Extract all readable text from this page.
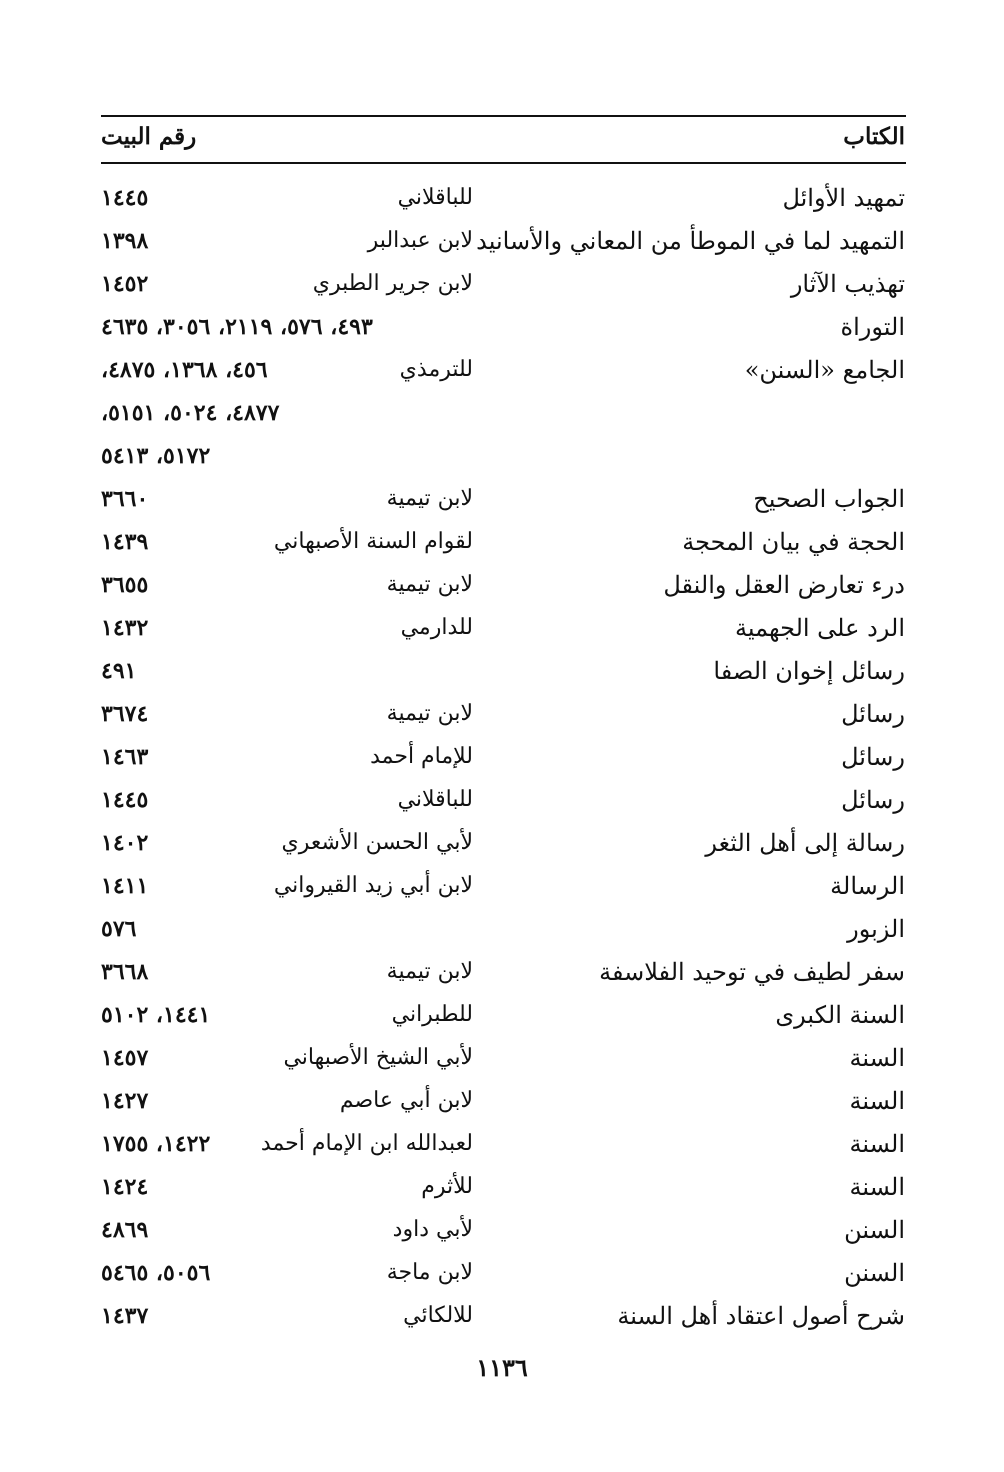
الكتاب
رقم البيت
تمهيد الأوائل
للباقلاني
١٤٤٥
التمهيد لما في الموطأ من المعاني والأسانيد
لابن عبدالبر
١٣٩٨
تهذيب الآثار
لابن جرير الطبري
١٤٥٢
التوراة
٤٩٣، ٥٧٦، ٢١١٩، ٣٠٥٦، ٤٦٣٥
الجامع «السنن»
للترمذي
٤٥٦، ١٣٦٨، ٤٨٧٥،
٤٨٧٧، ٥٠٢٤، ٥١٥١،
٥١٧٢، ٥٤١٣
الجواب الصحيح
لابن تيمية
٣٦٦٠
الحجة في بيان المحجة
لقوام السنة الأصبهاني
١٤٣٩
درء تعارض العقل والنقل
لابن تيمية
٣٦٥٥
الرد على الجهمية
للدارمي
١٤٣٢
رسائل إخوان الصفا
٤٩١
رسائل
لابن تيمية
٣٦٧٤
رسائل
للإمام أحمد
١٤٦٣
رسائل
للباقلاني
١٤٤٥
رسالة إلى أهل الثغر
لأبي الحسن الأشعري
١٤٠٢
الرسالة
لابن أبي زيد القيرواني
١٤١١
الزبور
٥٧٦
سفر لطيف في توحيد الفلاسفة
لابن تيمية
٣٦٦٨
السنة الكبرى
للطبراني
١٤٤١، ٥١٠٢
السنة
لأبي الشيخ الأصبهاني
١٤٥٧
السنة
لابن أبي عاصم
١٤٢٧
السنة
لعبدالله ابن الإمام أحمد
١٤٢٢، ١٧٥٥
السنة
للأثرم
١٤٢٤
السنن
لأبي داود
٤٨٦٩
السنن
لابن ماجة
٥٠٥٦، ٥٤٦٥
شرح أصول اعتقاد أهل السنة
للالكائي
١٤٣٧
١١٣٦
